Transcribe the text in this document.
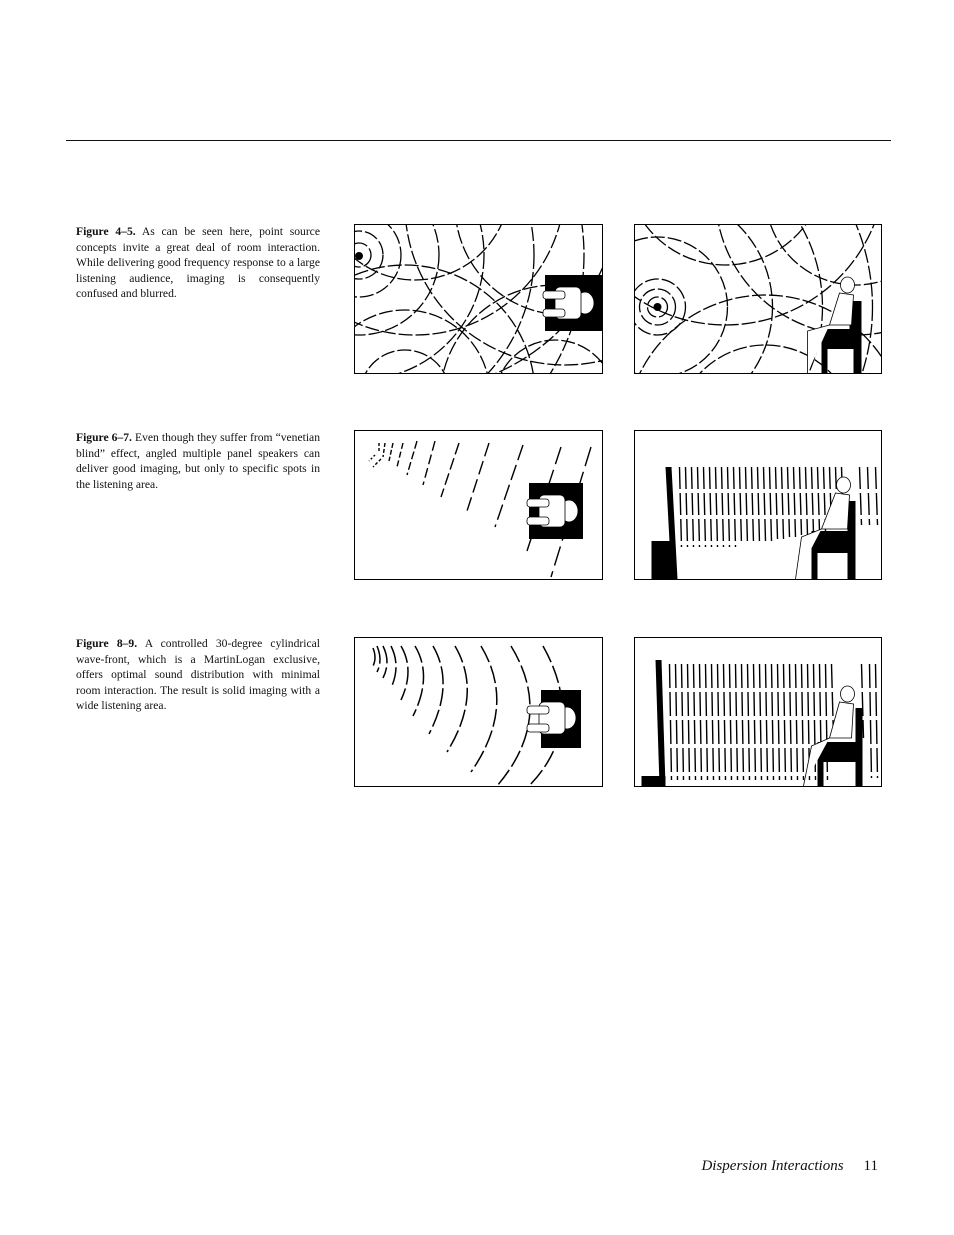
Figure 4–5. As can be seen here, point source concepts invite a great deal of room interaction. While delivering good frequency response to a large listening audience, imaging is consequently confused and blurred.
Figure 6–7. Even though they suffer from “venetian blind” effect, angled multiple panel speakers can deliver good imaging, but only to specific spots in the listening area.
Figure 8–9. A controlled 30-degree cylindrical wave-front, which is a MartinLogan exclusive, offers optimal sound distribution with minimal room interaction. The result is solid imaging with a wide listening area.
Dispersion Interactions 11
